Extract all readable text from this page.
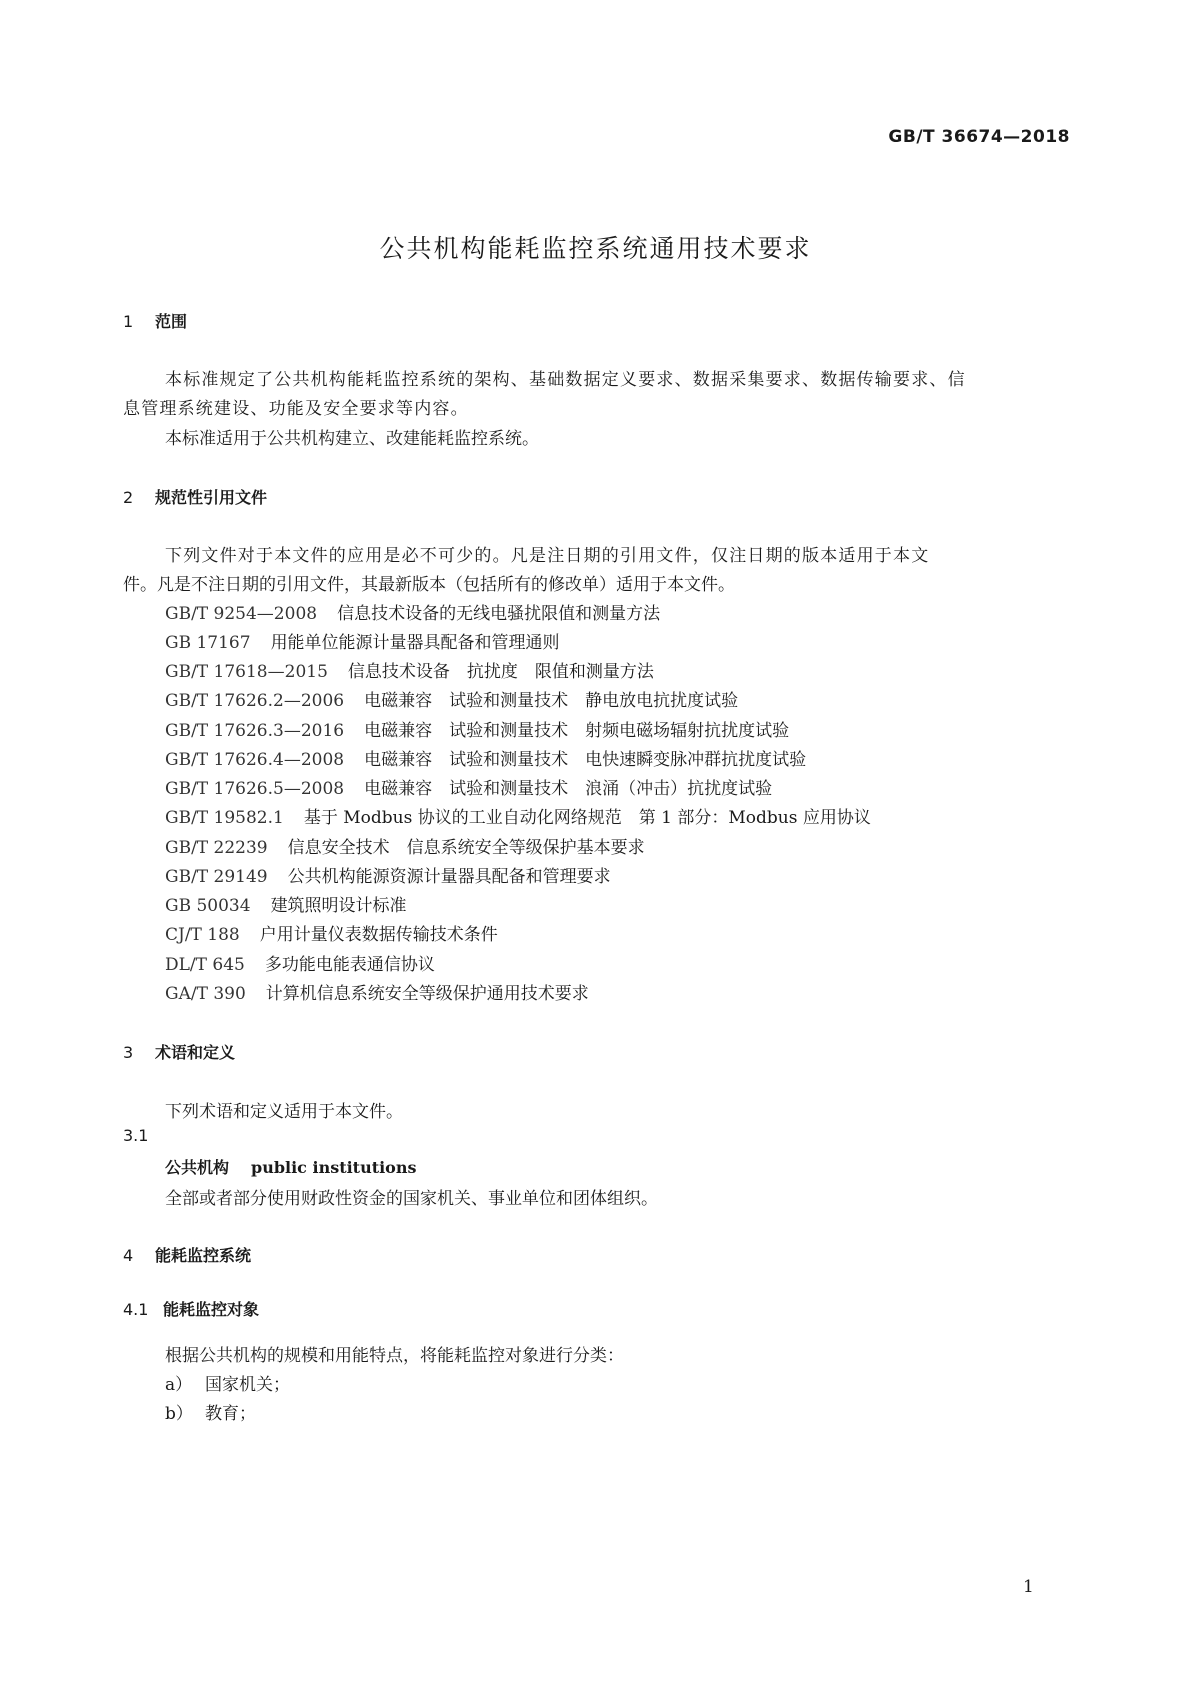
GB/T 36674—2018
公共机构能耗监控系统通用技术要求
1 范围
本标准规定了公共机构能耗监控系统的架构、基础数据定义要求、数据采集要求、数据传输要求、信
息管理系统建设、功能及安全要求等内容。
本标准适用于公共机构建立、改建能耗监控系统。
2 规范性引用文件
下列文件对于本文件的应用是必不可少的。凡是注日期的引用文件，仅注日期的版本适用于本文
件。凡是不注日期的引用文件，其最新版本（包括所有的修改单）适用于本文件。
GB/T 9254—2008 信息技术设备的无线电骚扰限值和测量方法
GB 17167 用能单位能源计量器具配备和管理通则
GB/T 17618—2015 信息技术设备　抗扰度　限值和测量方法
GB/T 17626.2—2006 电磁兼容　试验和测量技术　静电放电抗扰度试验
GB/T 17626.3—2016 电磁兼容　试验和测量技术　射频电磁场辐射抗扰度试验
GB/T 17626.4—2008 电磁兼容　试验和测量技术　电快速瞬变脉冲群抗扰度试验
GB/T 17626.5—2008 电磁兼容　试验和测量技术　浪涌（冲击）抗扰度试验
GB/T 19582.1 基于 Modbus 协议的工业自动化网络规范　第 1 部分：Modbus 应用协议
GB/T 22239 信息安全技术　信息系统安全等级保护基本要求
GB/T 29149 公共机构能源资源计量器具配备和管理要求
GB 50034 建筑照明设计标准
CJ/T 188 户用计量仪表数据传输技术条件
DL/T 645 多功能电能表通信协议
GA/T 390 计算机信息系统安全等级保护通用技术要求
3 术语和定义
下列术语和定义适用于本文件。
3.1
公共机构 public institutions
全部或者部分使用财政性资金的国家机关、事业单位和团体组织。
4 能耗监控系统
4.1 能耗监控对象
根据公共机构的规模和用能特点，将能耗监控对象进行分类：
a） 国家机关；
b） 教育；
1
